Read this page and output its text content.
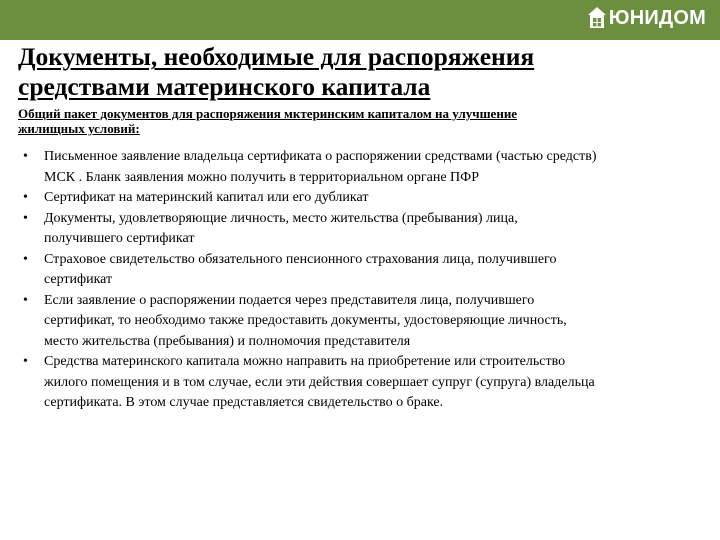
ЮНИДОМ
Документы, необходимые для распоряжения
средствами материнского капитала
Общий пакет документов для распоряжения мктеринским капиталом на улучшение
жилищных условий:
• Письменное заявление владельца сертификата о распоряжении средствами (частью средств)
МСК . Бланк заявления можно получить в территориальном органе ПФР
• Сертификат на материнский капитал или его дубликат
• Документы, удовлетворяющие личность, место жительства (пребывания) лица,
получившего сертификат
• Страховое свидетельство обязательного пенсионного страхования лица, получившего
сертификат
• Если заявление о распоряжении подается через представителя лица, получившего
сертификат, то необходимо также предоставить документы, удостоверяющие личность,
место жительства (пребывания) и полномочия представителя
• Средства материнского капитала можно направить на приобретение или строительство
жилого помещения и в том случае, если эти действия совершает супруг (супруга) владельца
сертификата. В этом случае представляется свидетельство о браке.
